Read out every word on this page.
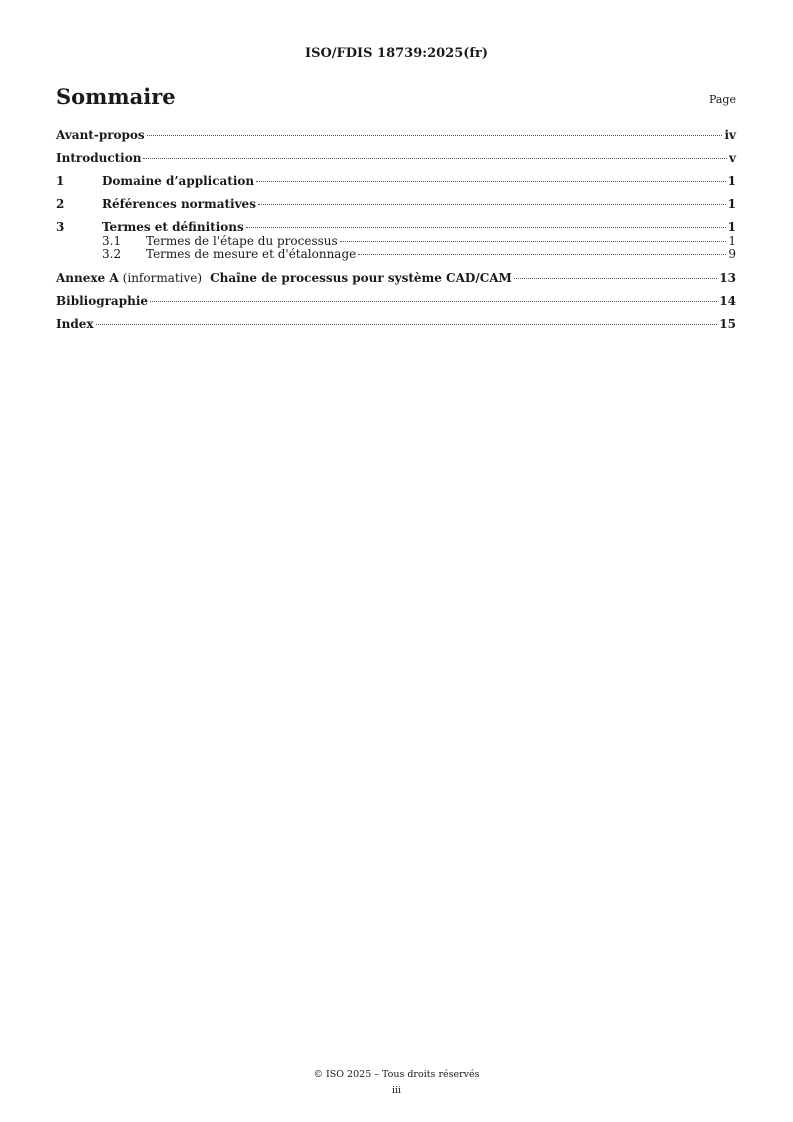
ISO/FDIS 18739:2025(fr)
Sommaire	Page
Avant-propos	iv
Introduction	v
1	Domaine d’application	1
2	Références normatives	1
3	Termes et définitions	1
3.1	Termes de l'étape du processus	1
3.2	Termes de mesure et d'étalonnage	9
Annexe A (informative) Chaîne de processus pour système CAD/CAM	13
Bibliographie	14
Index	15
© ISO 2025 – Tous droits réservés
iii
